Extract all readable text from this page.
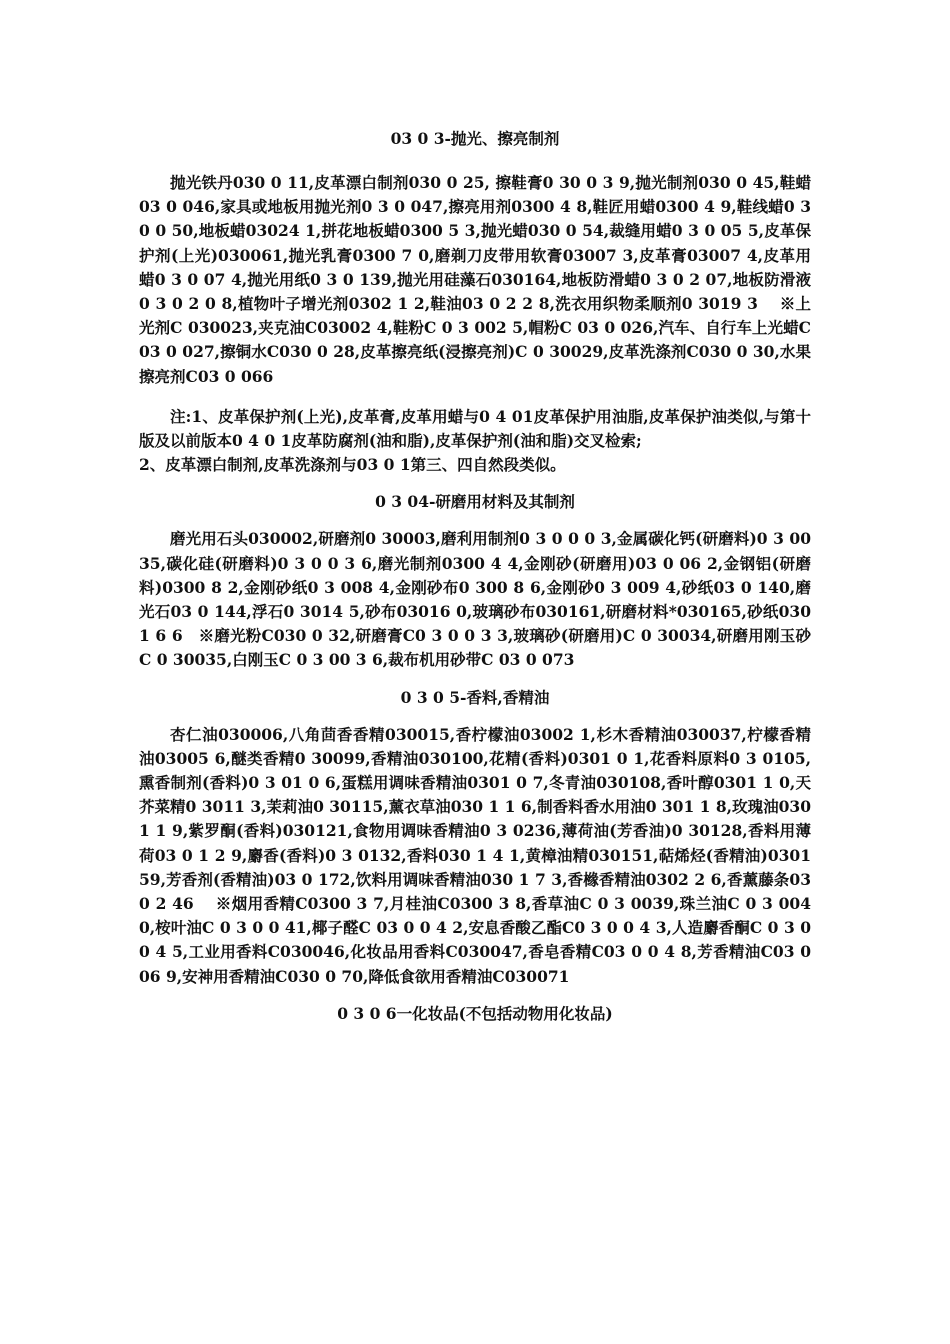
03 0 3-抛光、擦亮制剂

抛光铁丹030 0 11,皮革漂白制剂030 0 25, 擦鞋膏0 30 0 3 9,抛光制剂030 0 45,鞋蜡03 0 046,家具或地板用抛光剂0 3 0 047,擦亮用剂0300 4 8,鞋匠用蜡0300 4 9,鞋线蜡0 3 0 0 50,地板蜡03024 1,拼花地板蜡0300 5 3,抛光蜡030 0 54,裁缝用蜡0 3 0 05 5,皮革保护剂(上光)030061,抛光乳膏0300 7 0,磨剃刀皮带用软膏03007 3,皮革膏03007 4,皮革用蜡0 3 0 07 4,抛光用纸0 3 0 139,抛光用硅藻石030164,地板防滑蜡0 3 0 2 07,地板防滑液0 3 0 2 0 8,植物叶子增光剂0302 1 2,鞋油03 0 2 2 8,洗衣用织物柔顺剂0 3019 3　 ※上光剂C 030023,夹克油C03002 4,鞋粉C 0 3 002 5,帽粉C 03 0 026,汽车、自行车上光蜡C03 0 027,擦铜水C030 0 28,皮革擦亮纸(浸擦亮剂)C 0 30029,皮革洗涤剂C030 0 30,水果擦亮剂C03 0 066

注:1、皮革保护剂(上光),皮革膏,皮革用蜡与0 4 01皮革保护用油脂,皮革保护油类似,与第十版及以前版本0 4 0 1皮革防腐剂(油和脂),皮革保护剂(油和脂)交叉检索;

2、皮革漂白制剂,皮革洗涤剂与03 0 1第三、四自然段类似。

0 3 04-研磨用材料及其制剂

磨光用石头030002,研磨剂0 30003,磨利用制剂0 3 0 0 0 3,金属碳化钙(研磨料)0 3 0035,碳化硅(研磨料)0 3 0 0 3 6,磨光制剂0300 4 4,金刚砂(研磨用)03 0 06 2,金钢铝(研磨料)0300 8 2,金刚砂纸0 3 008 4,金刚砂布0 300 8 6,金刚砂0 3 009 4,砂纸03 0 140,磨光石03 0 144,浮石0 3014 5,砂布03016 0,玻璃砂布030161,研磨材料*030165,砂纸0301 6 6　※磨光粉C030 0 32,研磨膏C0 3 0 0 3 3,玻璃砂(研磨用)C 0 30034,研磨用刚玉砂C 0 30035,白刚玉C 0 3 00 3 6,裁布机用砂带C 03 0 073

0 3 0 5-香料,香精油

杏仁油030006,八角茴香香精030015,香柠檬油03002 1,杉木香精油030037,柠檬香精油03005 6,醚类香精0 30099,香精油030100,花精(香料)0301 0 1,花香料原料0 3 0105,熏香制剂(香料)0 3 01 0 6,蛋糕用调味香精油0301 0 7,冬青油030108,香叶醇0301 1 0,天芥菜精0 3011 3,茉莉油0 30115,薰衣草油030 1 1 6,制香料香水用油0 301 1 8,玫瑰油030 1 1 9,紫罗酮(香料)030121,食物用调味香精油0 3 0236,薄荷油(芳香油)0 30128,香料用薄荷03 0 1 2 9,麝香(香料)0 3 0132,香料030 1 4 1,黄樟油精030151,萜烯烃(香精油)030159,芳香剂(香精油)03 0 172,饮料用调味香精油030 1 7 3,香橼香精油0302 2 6,香薰藤条030 2 46　 ※烟用香精C0300 3 7,月桂油C0300 3 8,香草油C 0 3 0039,珠兰油C 0 3 0040,桉叶油C 0 3 0 0 41,椰子醛C 03 0 0 4 2,安息香酸乙酯C0 3 0 0 4 3,人造麝香酮C 0 3 00 4 5,工业用香料C030046,化妆品用香料C030047,香皂香精C03 0 0 4 8,芳香精油C03 0 06 9,安神用香精油C030 0 70,降低食欲用香精油C030071

0 3 0 6一化妆品(不包括动物用化妆品)
